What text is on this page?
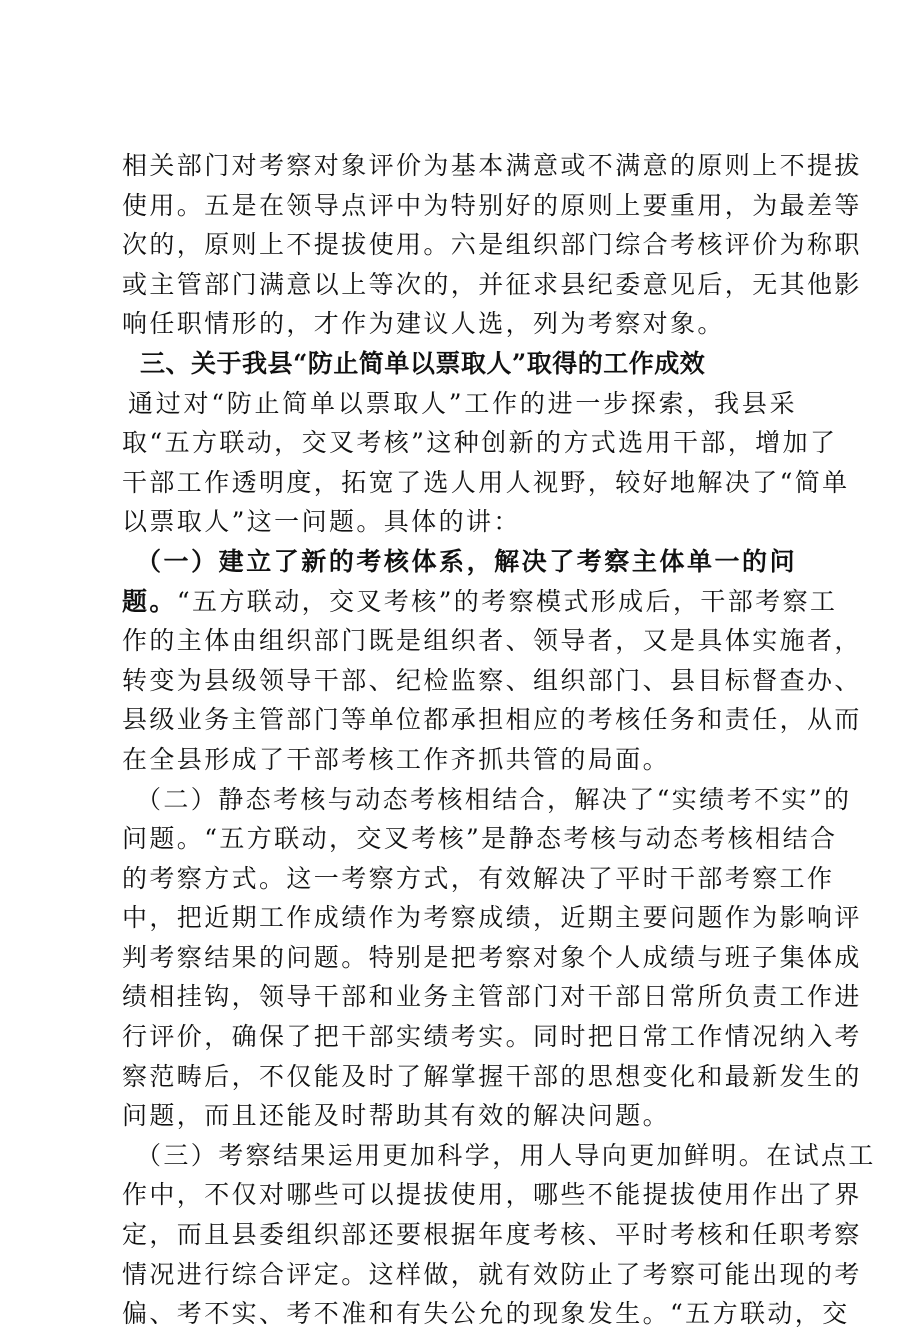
相关部门对考察对象评价为基本满意或不满意的原则上不提拔
使用。五是在领导点评中为特别好的原则上要重用，为最差等
次的，原则上不提拔使用。六是组织部门综合考核评价为称职
或主管部门满意以上等次的，并征求县纪委意见后，无其他影
响任职情形的，才作为建议人选，列为考察对象。
三、关于我县“防止简单以票取人”取得的工作成效
通过对“防止简单以票取人”工作的进一步探索，我县采
取“五方联动，交叉考核”这种创新的方式选用干部，增加了
干部工作透明度，拓宽了选人用人视野，较好地解决了“简单
以票取人”这一问题。具体的讲：
（一）建立了新的考核体系，解决了考察主体单一的问
题。“五方联动，交叉考核”的考察模式形成后，干部考察工
作的主体由组织部门既是组织者、领导者，又是具体实施者，
转变为县级领导干部、纪检监察、组织部门、县目标督查办、
县级业务主管部门等单位都承担相应的考核任务和责任，从而
在全县形成了干部考核工作齐抓共管的局面。
（二）静态考核与动态考核相结合，解决了“实绩考不实”的
问题。“五方联动，交叉考核”是静态考核与动态考核相结合
的考察方式。这一考察方式，有效解决了平时干部考察工作
中，把近期工作成绩作为考察成绩，近期主要问题作为影响评
判考察结果的问题。特别是把考察对象个人成绩与班子集体成
绩相挂钩，领导干部和业务主管部门对干部日常所负责工作进
行评价，确保了把干部实绩考实。同时把日常工作情况纳入考
察范畴后，不仅能及时了解掌握干部的思想变化和最新发生的
问题，而且还能及时帮助其有效的解决问题。
（三）考察结果运用更加科学，用人导向更加鲜明。在试点工
作中，不仅对哪些可以提拔使用，哪些不能提拔使用作出了界
定，而且县委组织部还要根据年度考核、平时考核和任职考察
情况进行综合评定。这样做，就有效防止了考察可能出现的考
偏、考不实、考不准和有失公允的现象发生。“五方联动，交
